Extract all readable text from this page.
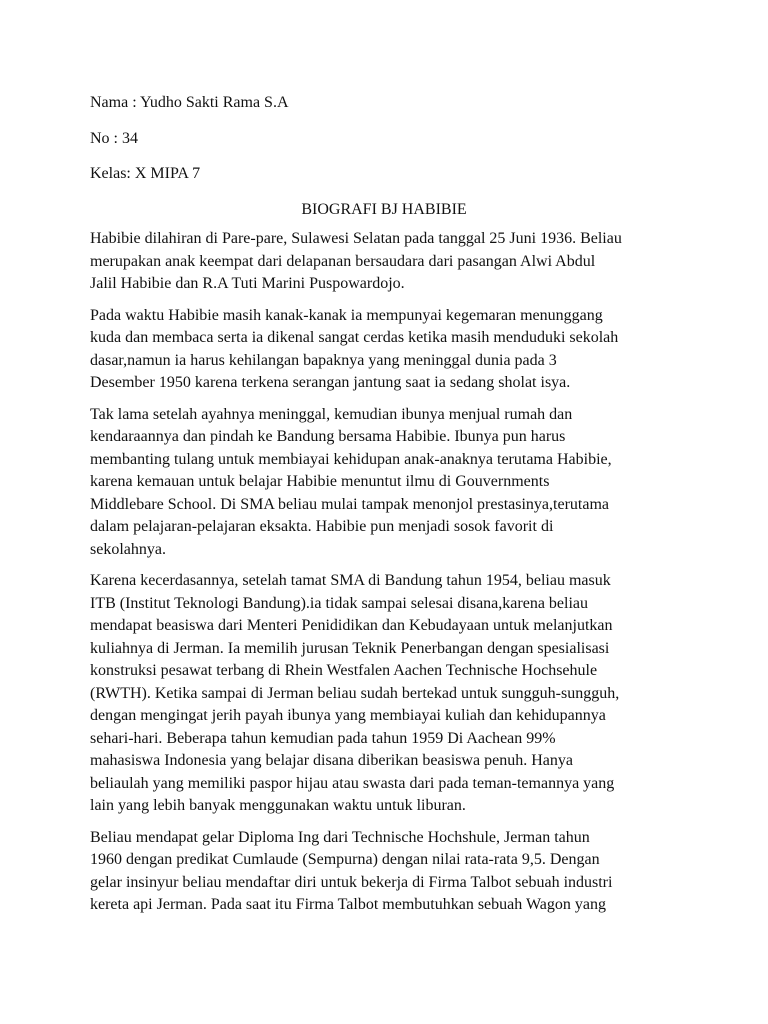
Nama : Yudho Sakti Rama S.A
No : 34
Kelas: X MIPA 7
BIOGRAFI BJ HABIBIE
Habibie dilahiran di Pare-pare, Sulawesi Selatan pada tanggal 25 Juni 1936. Beliau
merupakan anak keempat dari delapanan bersaudara dari pasangan Alwi Abdul
Jalil Habibie dan R.A Tuti Marini Puspowardojo.
Pada waktu Habibie masih kanak-kanak ia mempunyai kegemaran menunggang
kuda dan membaca serta ia dikenal sangat cerdas ketika masih menduduki sekolah
dasar,namun ia harus kehilangan bapaknya yang meninggal dunia pada 3
Desember 1950 karena terkena serangan jantung saat ia sedang sholat isya.
Tak lama setelah ayahnya meninggal, kemudian ibunya menjual rumah dan
kendaraannya dan pindah ke Bandung bersama Habibie. Ibunya pun harus
membanting tulang untuk membiayai kehidupan anak-anaknya terutama Habibie,
karena kemauan untuk belajar Habibie menuntut ilmu di Gouvernments
Middlebare School. Di SMA beliau mulai tampak menonjol prestasinya,terutama
dalam pelajaran-pelajaran eksakta. Habibie pun menjadi sosok favorit di
sekolahnya.
Karena kecerdasannya, setelah tamat SMA di Bandung tahun 1954, beliau masuk
ITB (Institut Teknologi Bandung).ia tidak sampai selesai disana,karena beliau
mendapat beasiswa dari Menteri Penididikan dan Kebudayaan untuk melanjutkan
kuliahnya di Jerman. Ia memilih jurusan Teknik Penerbangan dengan spesialisasi
konstruksi pesawat terbang di Rhein Westfalen Aachen Technische Hochsehule
(RWTH). Ketika sampai di Jerman beliau sudah bertekad untuk sungguh-sungguh,
dengan mengingat jerih payah ibunya yang membiayai kuliah dan kehidupannya
sehari-hari. Beberapa tahun kemudian pada tahun 1959 Di Aachean 99%
mahasiswa Indonesia yang belajar disana diberikan beasiswa penuh. Hanya
beliaulah yang memiliki paspor hijau atau swasta dari pada teman-temannya yang
lain yang lebih banyak menggunakan waktu untuk liburan.
Beliau mendapat gelar Diploma Ing dari Technische Hochshule, Jerman tahun
1960 dengan predikat Cumlaude (Sempurna) dengan nilai rata-rata 9,5. Dengan
gelar insinyur beliau mendaftar diri untuk bekerja di Firma Talbot sebuah industri
kereta api Jerman. Pada saat itu Firma Talbot membutuhkan sebuah Wagon yang
